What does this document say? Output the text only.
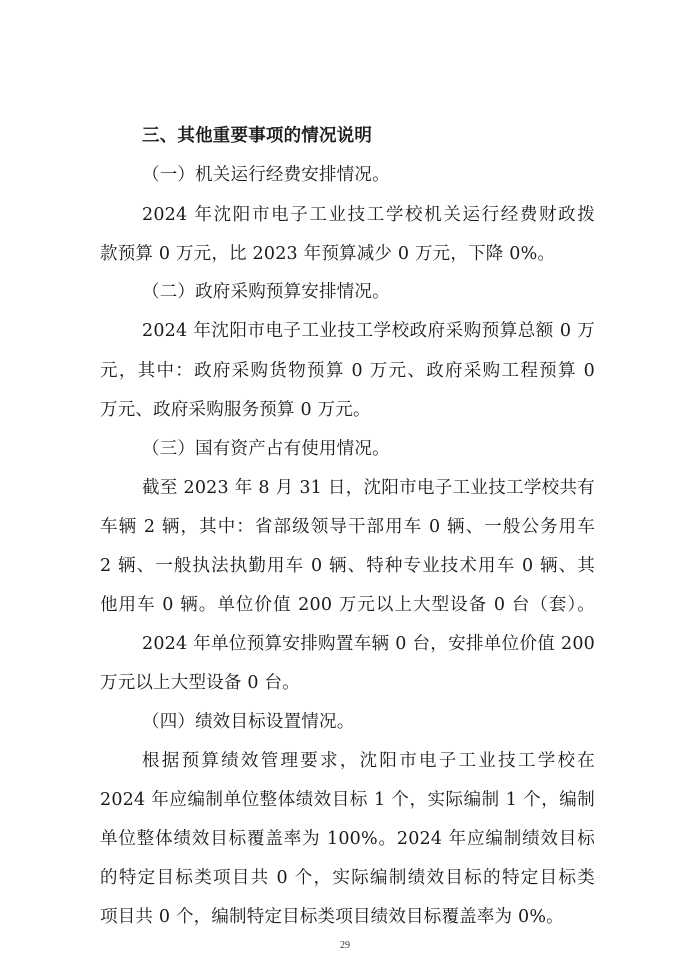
三、其他重要事项的情况说明
（一）机关运行经费安排情况。
2024 年沈阳市电子工业技工学校机关运行经费财政拨
款预算 0 万元，比 2023 年预算减少 0 万元，下降 0%。
（二）政府采购预算安排情况。
2024 年沈阳市电子工业技工学校政府采购预算总额 0 万
元，其中：政府采购货物预算 0 万元、政府采购工程预算 0
万元、政府采购服务预算 0 万元。
（三）国有资产占有使用情况。
截至 2023 年 8 月 31 日，沈阳市电子工业技工学校共有
车辆 2 辆，其中：省部级领导干部用车 0 辆、一般公务用车
2 辆、一般执法执勤用车 0 辆、特种专业技术用车 0 辆、其
他用车 0 辆。单位价值 200 万元以上大型设备 0 台（套）。
2024 年单位预算安排购置车辆 0 台，安排单位价值 200
万元以上大型设备 0 台。
（四）绩效目标设置情况。
根据预算绩效管理要求，沈阳市电子工业技工学校在
2024 年应编制单位整体绩效目标 1 个，实际编制 1 个，编制
单位整体绩效目标覆盖率为 100%。2024 年应编制绩效目标
的特定目标类项目共 0 个，实际编制绩效目标的特定目标类
项目共 0 个，编制特定目标类项目绩效目标覆盖率为 0%。
29
